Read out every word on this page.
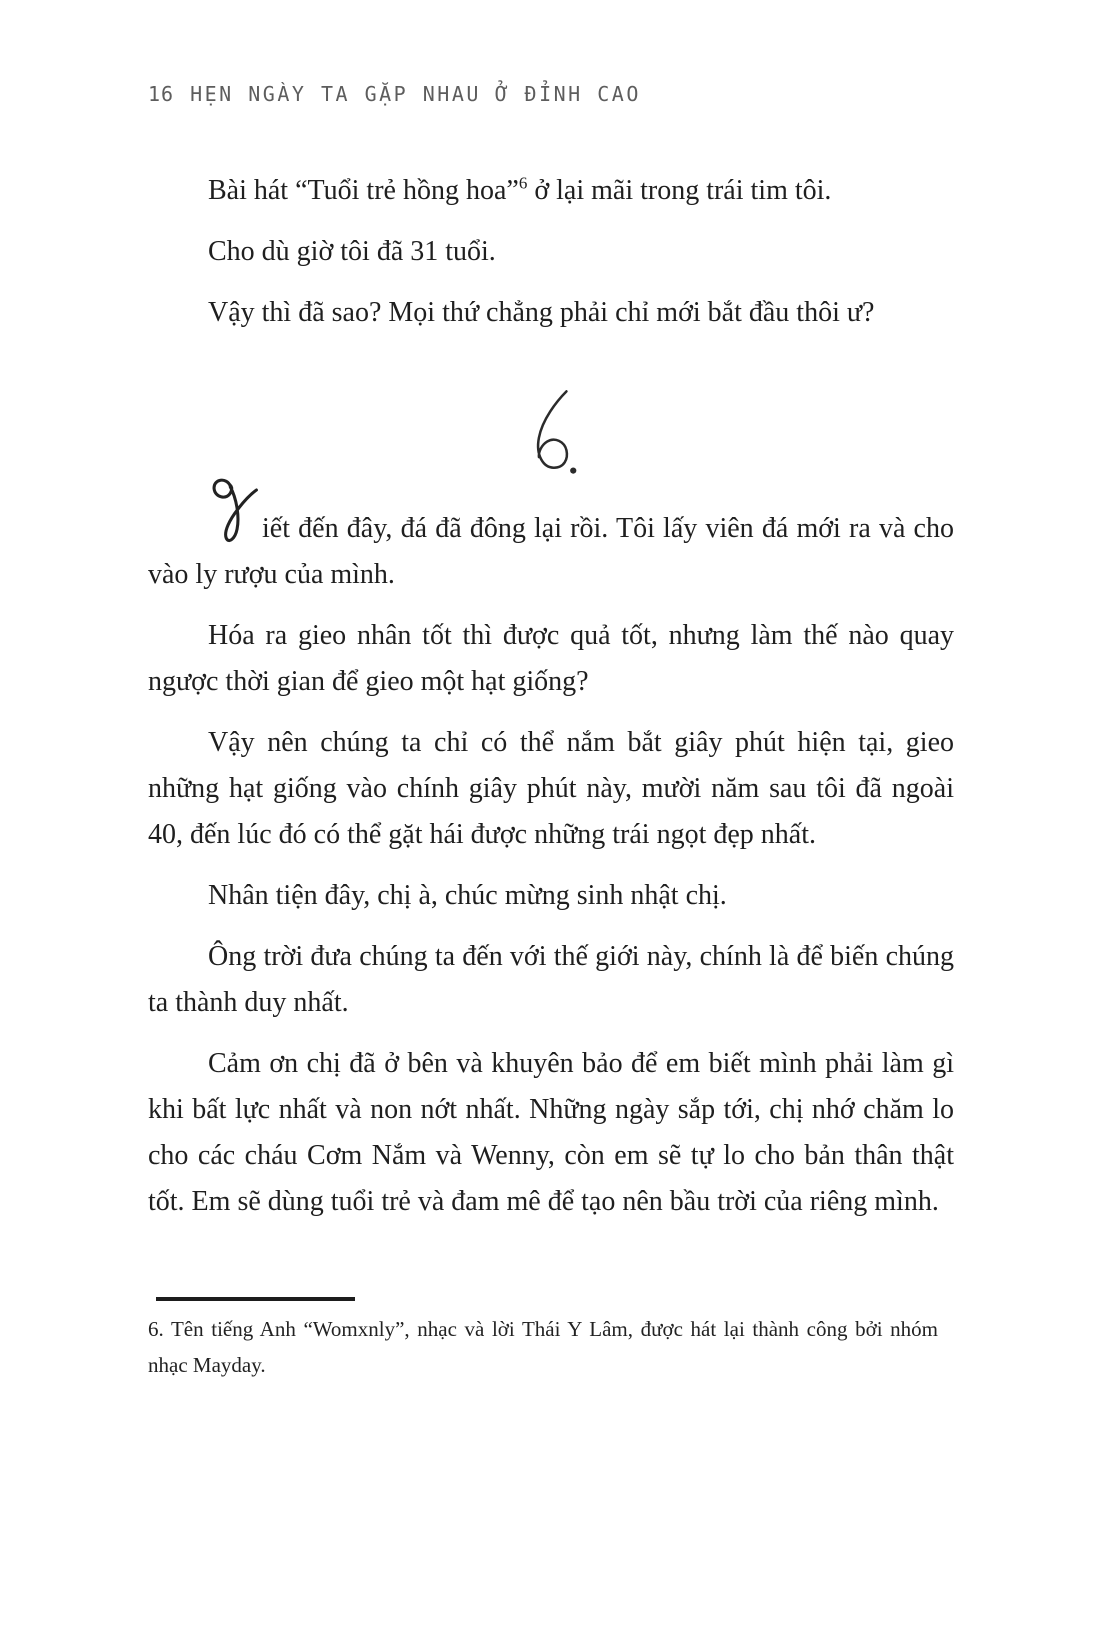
16 HẸN NGÀY TA GẶP NHAU Ở ĐỈNH CAO

Bài hát “Tuổi trẻ hồng hoa”$^6$ ở lại mãi trong trái tim tôi.

Cho dù giờ tôi đã 31 tuổi.

Vậy thì đã sao? Mọi thứ chẳng phải chỉ mới bắt đầu thôi ư?

iết đến đây, đá đã đông lại rồi. Tôi lấy viên đá mới ra và cho vào ly rượu của mình.

Hóa ra gieo nhân tốt thì được quả tốt, nhưng làm thế nào quay ngược thời gian để gieo một hạt giống?

Vậy nên chúng ta chỉ có thể nắm bắt giây phút hiện tại, gieo những hạt giống vào chính giây phút này, mười năm sau tôi đã ngoài 40, đến lúc đó có thể gặt hái được những trái ngọt đẹp nhất.

Nhân tiện đây, chị à, chúc mừng sinh nhật chị.

Ông trời đưa chúng ta đến với thế giới này, chính là để biến chúng ta thành duy nhất.

Cảm ơn chị đã ở bên và khuyên bảo để em biết mình phải làm gì khi bất lực nhất và non nớt nhất. Những ngày sắp tới, chị nhớ chăm lo cho các cháu Cơm Nắm và Wenny, còn em sẽ tự lo cho bản thân thật tốt. Em sẽ dùng tuổi trẻ và đam mê để tạo nên bầu trời của riêng mình.

6. Tên tiếng Anh “Womxnly”, nhạc và lời Thái Y Lâm, được hát lại thành công bởi nhóm nhạc Mayday.
